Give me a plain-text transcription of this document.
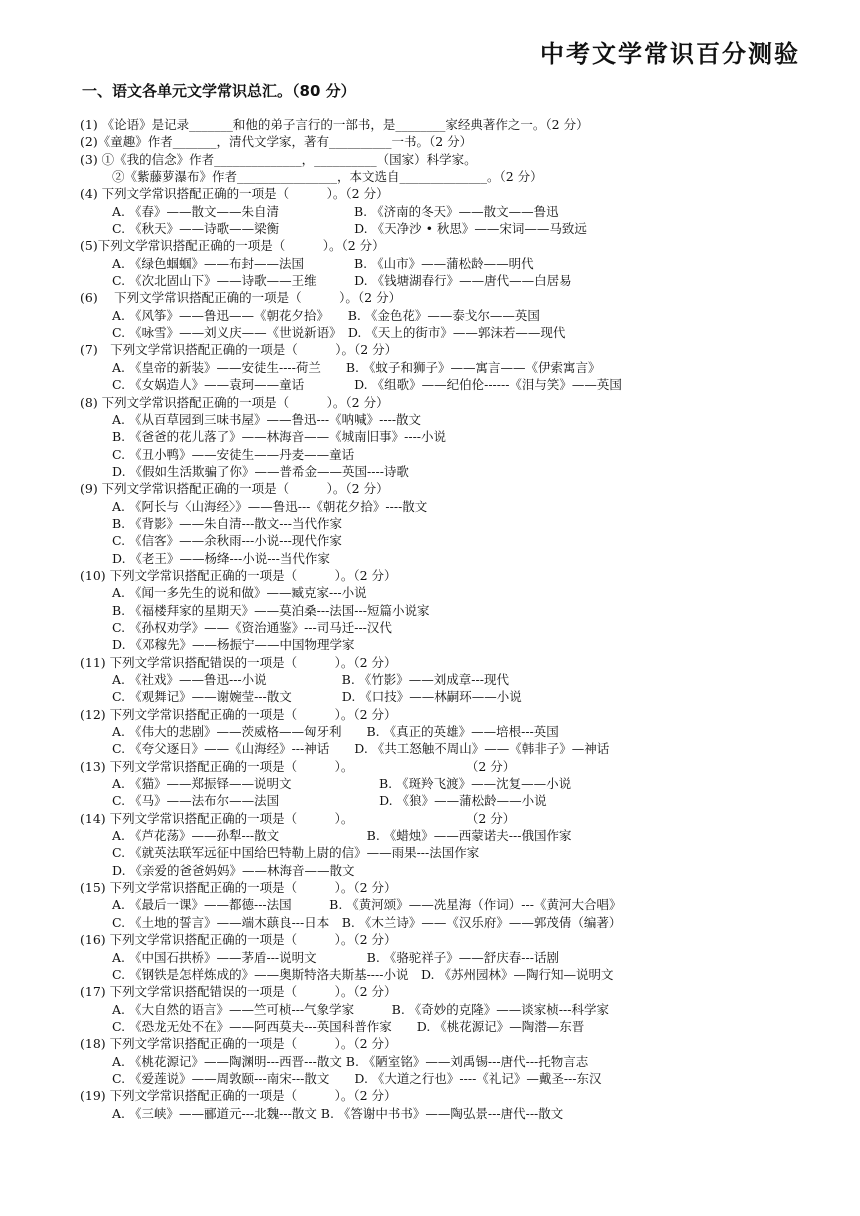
中考文学常识百分测验
一、语文各单元文学常识总汇。（80 分）
(1) 《论语》是记录_______和他的弟子言行的一部书，是________家经典著作之一。（2 分）
(2)《童趣》作者_______，清代文学家，著有__________一书。（2 分）
(3) ①《我的信念》作者______________，__________（国家）科学家。
②《紫藤萝瀑布》作者________________，本文选自______________。（2 分）
(4) 下列文学常识搭配正确的一项是（　　　）。（2 分）
A. 《春》——散文——朱自清　　　　　　B. 《济南的冬天》——散文——鲁迅
C. 《秋天》——诗歌——梁衡　　　　　　D. 《天净沙 • 秋思》——宋词——马致远
(5)下列文学常识搭配正确的一项是（　　　）。（2 分）
A. 《绿色蝈蝈》——布封——法国　　　　B. 《山市》——蒲松龄——明代
C. 《次北固山下》——诗歌——王维　　　D. 《钱塘湖春行》——唐代——白居易
(6)　 下列文学常识搭配正确的一项是（　　　）。（2 分）
A. 《风筝》——鲁迅——《朝花夕拾》　　B. 《金色花》——泰戈尔——英国
C. 《咏雪》——刘义庆——《世说新语》　D. 《天上的街市》——郭沫若——现代
(7)　下列文学常识搭配正确的一项是（　　　）。（2 分）
A. 《皇帝的新装》——安徒生----荷兰　　B. 《蚊子和狮子》——寓言——《伊索寓言》
C. 《女娲造人》——袁珂——童话　　　　D. 《组歌》——纪伯伦------《泪与笑》——英国
(8) 下列文学常识搭配正确的一项是（　　　）。（2 分）
A. 《从百草园到三味书屋》——鲁迅---《呐喊》----散文
B. 《爸爸的花儿落了》——林海音——《城南旧事》----小说
C. 《丑小鸭》——安徒生——丹麦——童话
D. 《假如生活欺骗了你》——普希金——英国----诗歌
(9) 下列文学常识搭配正确的一项是（　　　）。（2 分）
A. 《阿长与〈山海经〉》——鲁迅---《朝花夕拾》----散文
B. 《背影》——朱自清---散文---当代作家
C. 《信客》——余秋雨---小说---现代作家
D. 《老王》——杨绛---小说---当代作家
(10) 下列文学常识搭配正确的一项是（　　　）。（2 分）
A. 《闻一多先生的说和做》——臧克家---小说
B. 《福楼拜家的星期天》——莫泊桑---法国---短篇小说家
C. 《孙权劝学》——《资治通鉴》---司马迁---汉代
D. 《邓稼先》——杨振宁——中国物理学家
(11) 下列文学常识搭配错误的一项是（　　　）。（2 分）
A. 《社戏》——鲁迅---小说　　　　　　B. 《竹影》——刘成章---现代
C. 《观舞记》——谢婉莹---散文　　　　D. 《口技》——林嗣环——小说
(12) 下列文学常识搭配正确的一项是（　　　）。（2 分）
A. 《伟大的悲剧》——茨威格——匈牙利　　B. 《真正的英雄》——培根---英国
C. 《夸父逐日》——《山海经》---神话　　D. 《共工怒触不周山》——《韩非子》—神话
(13) 下列文学常识搭配正确的一项是（　　　）。　　　　　　　　　　（2 分）
A. 《猫》——郑振铎——说明文　　　　　　　B. 《斑羚飞渡》——沈复——小说
C. 《马》——法布尔——法国　　　　　　　　D. 《狼》——蒲松龄——小说
(14) 下列文学常识搭配正确的一项是（　　　）。　　　　　　　　　　（2 分）
A. 《芦花荡》——孙犁---散文　　　　　　　B. 《蜡烛》——西蒙诺夫---俄国作家
C. 《就英法联军远征中国给巴特勒上尉的信》——雨果---法国作家
D. 《亲爱的爸爸妈妈》——林海音——散文
(15) 下列文学常识搭配正确的一项是（　　　）。（2 分）
A. 《最后一课》——都德---法国　　　B. 《黄河颂》——冼星海（作词）---《黄河大合唱》
C. 《土地的誓言》——端木蕻良---日本　B. 《木兰诗》——《汉乐府》——郭茂倩（编著）
(16) 下列文学常识搭配正确的一项是（　　　）。（2 分）
A. 《中国石拱桥》——茅盾---说明文　　　　B. 《骆驼祥子》——舒庆春---话剧
C. 《钢铁是怎样炼成的》——奥斯特洛夫斯基----小说　D. 《苏州园林》—陶行知—说明文
(17) 下列文学常识搭配错误的一项是（　　　）。（2 分）
A. 《大自然的语言》——竺可桢---气象学家　　　B. 《奇妙的克隆》——谈家桢---科学家
C. 《恐龙无处不在》——阿西莫夫---英国科普作家　　D. 《桃花源记》—陶潜—东晋
(18) 下列文学常识搭配正确的一项是（　　　）。（2 分）
A. 《桃花源记》——陶渊明---西晋---散文 B. 《陋室铭》——刘禹锡---唐代---托物言志
C. 《爱莲说》——周敦颐---南宋---散文　　D. 《大道之行也》----《礼记》—戴圣---东汉
(19) 下列文学常识搭配正确的一项是（　　　）。（2 分）
A. 《三峡》——郦道元---北魏---散文 B. 《答谢中书书》——陶弘景---唐代---散文
